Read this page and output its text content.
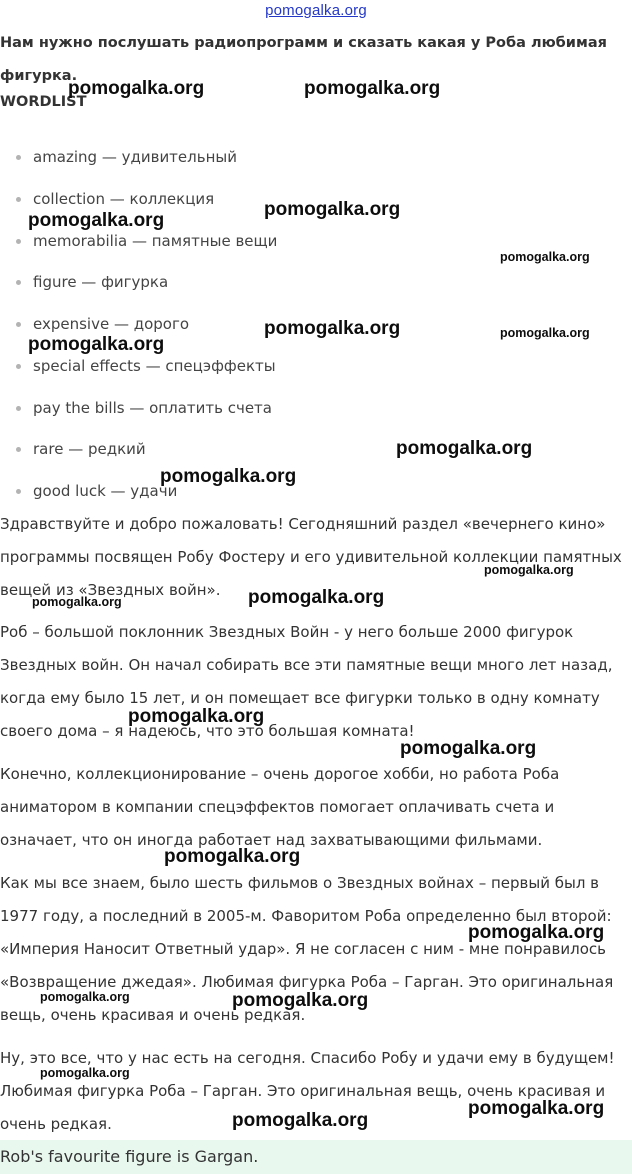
pomogalka.org
Нам нужно послушать радиопрограмм и сказать какая у Роба любимая фигурка.
WORDLIST
amazing — удивительный
collection — коллекция
memorabilia — памятные вещи
figure — фигурка
expensive — дорого
special effects — спецэффекты
pay the bills — оплатить счета
rare — редкий
good luck — удачи

Здравствуйте и добро пожаловать! Сегодняшний раздел «вечернего кино» программы посвящен Робу Фостеру и его удивительной коллекции памятных вещей из «Звездных войн».

Роб – большой поклонник Звездных Войн - у него больше 2000 фигурок Звездных войн. Он начал собирать все эти памятные вещи много лет назад, когда ему было 15 лет, и он помещает все фигурки только в одну комнату своего дома – я надеюсь, что это большая комната!

Конечно, коллекционирование – очень дорогое хобби, но работа Роба аниматором в компании спецэффектов помогает оплачивать счета и означает, что он иногда работает над захватывающими фильмами.

Как мы все знаем, было шесть фильмов о Звездных войнах – первый был в 1977 году, а последний в 2005-м. Фаворитом Роба определенно был второй: «Империя Наносит Ответный удар». Я не согласен с ним - мне понравилось «Возвращение джедая». Любимая фигурка Роба – Гарган. Это оригинальная вещь, очень красивая и очень редкая.

Ну, это все, что у нас есть на сегодня. Спасибо Робу и удачи ему в будущем!

Любимая фигурка Роба – Гарган. Это оригинальная вещь, очень красивая и очень редкая.

Rob's favourite figure is Gargan.
pomogalka.org	pomogalka.org
pomogalka.org
pomogalka.org
pomogalka.org
pomogalka.org	pomogalka.org
pomogalka.org
pomogalka.org
pomogalka.org
pomogalka.org
pomogalka.org	pomogalka.org
pomogalka.org
pomogalka.org
pomogalka.org
pomogalka.org
pomogalka.org	pomogalka.org
pomogalka.org
pomogalka.org
pomogalka.org
